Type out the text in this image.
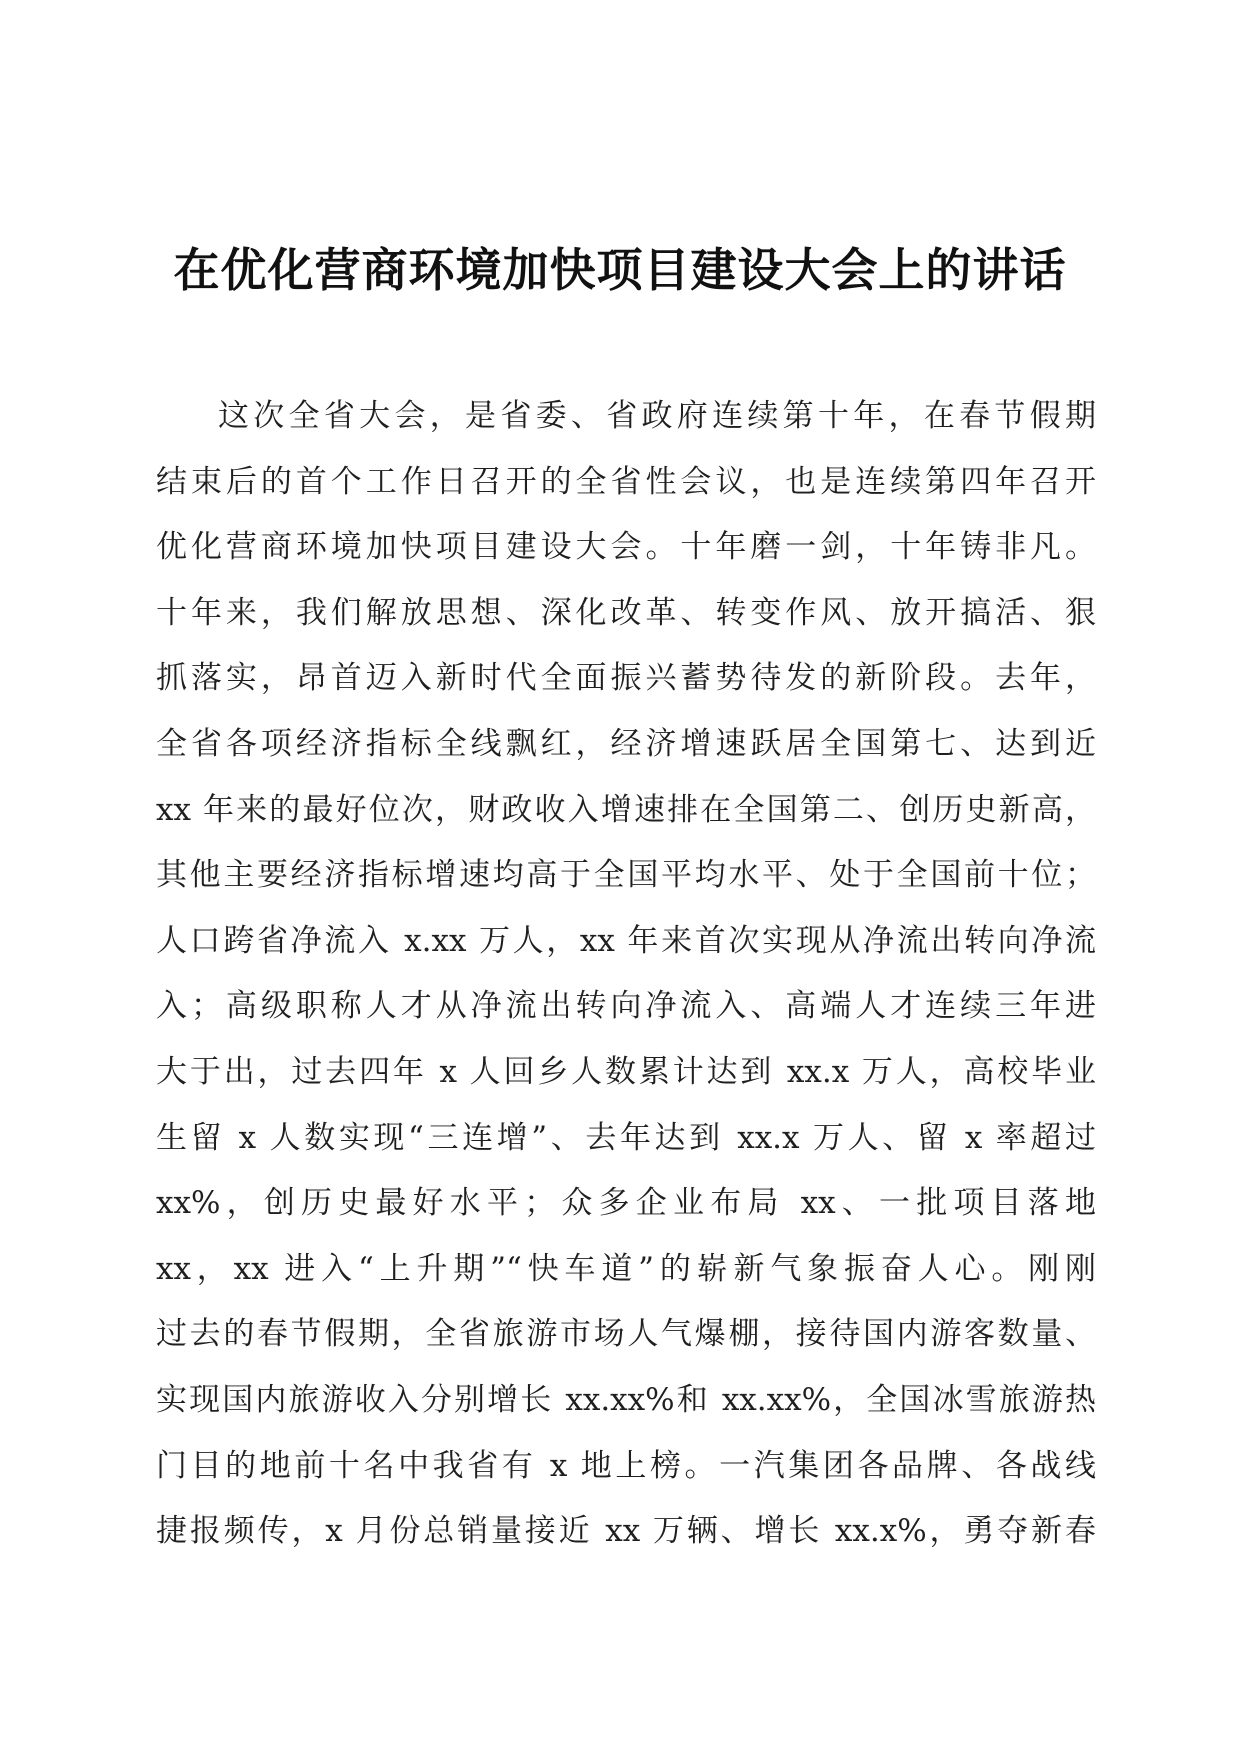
在优化营商环境加快项目建设大会上的讲话
这次全省大会，是省委、省政府连续第十年，在春节假期
结束后的首个工作日召开的全省性会议，也是连续第四年召开
优化营商环境加快项目建设大会。十年磨一剑，十年铸非凡。
十年来，我们解放思想、深化改革、转变作风、放开搞活、狠
抓落实，昂首迈入新时代全面振兴蓄势待发的新阶段。去年，
全省各项经济指标全线飘红，经济增速跃居全国第七、达到近
xx 年来的最好位次，财政收入增速排在全国第二、创历史新高，
其他主要经济指标增速均高于全国平均水平、处于全国前十位；
人口跨省净流入 x.xx 万人，xx 年来首次实现从净流出转向净流
入；高级职称人才从净流出转向净流入、高端人才连续三年进
大于出，过去四年 x 人回乡人数累计达到 xx.x 万人，高校毕业
生留 x 人数实现“三连增”、去年达到 xx.x 万人、留 x 率超过
xx%，创历史最好水平；众多企业布局 xx、一批项目落地
xx，xx 进入“上升期”“快车道”的崭新气象振奋人心。刚刚
过去的春节假期，全省旅游市场人气爆棚，接待国内游客数量、
实现国内旅游收入分别增长 xx.xx%和 xx.xx%，全国冰雪旅游热
门目的地前十名中我省有 x 地上榜。一汽集团各品牌、各战线
捷报频传，x 月份总销量接近 xx 万辆、增长 xx.x%，勇夺新春
